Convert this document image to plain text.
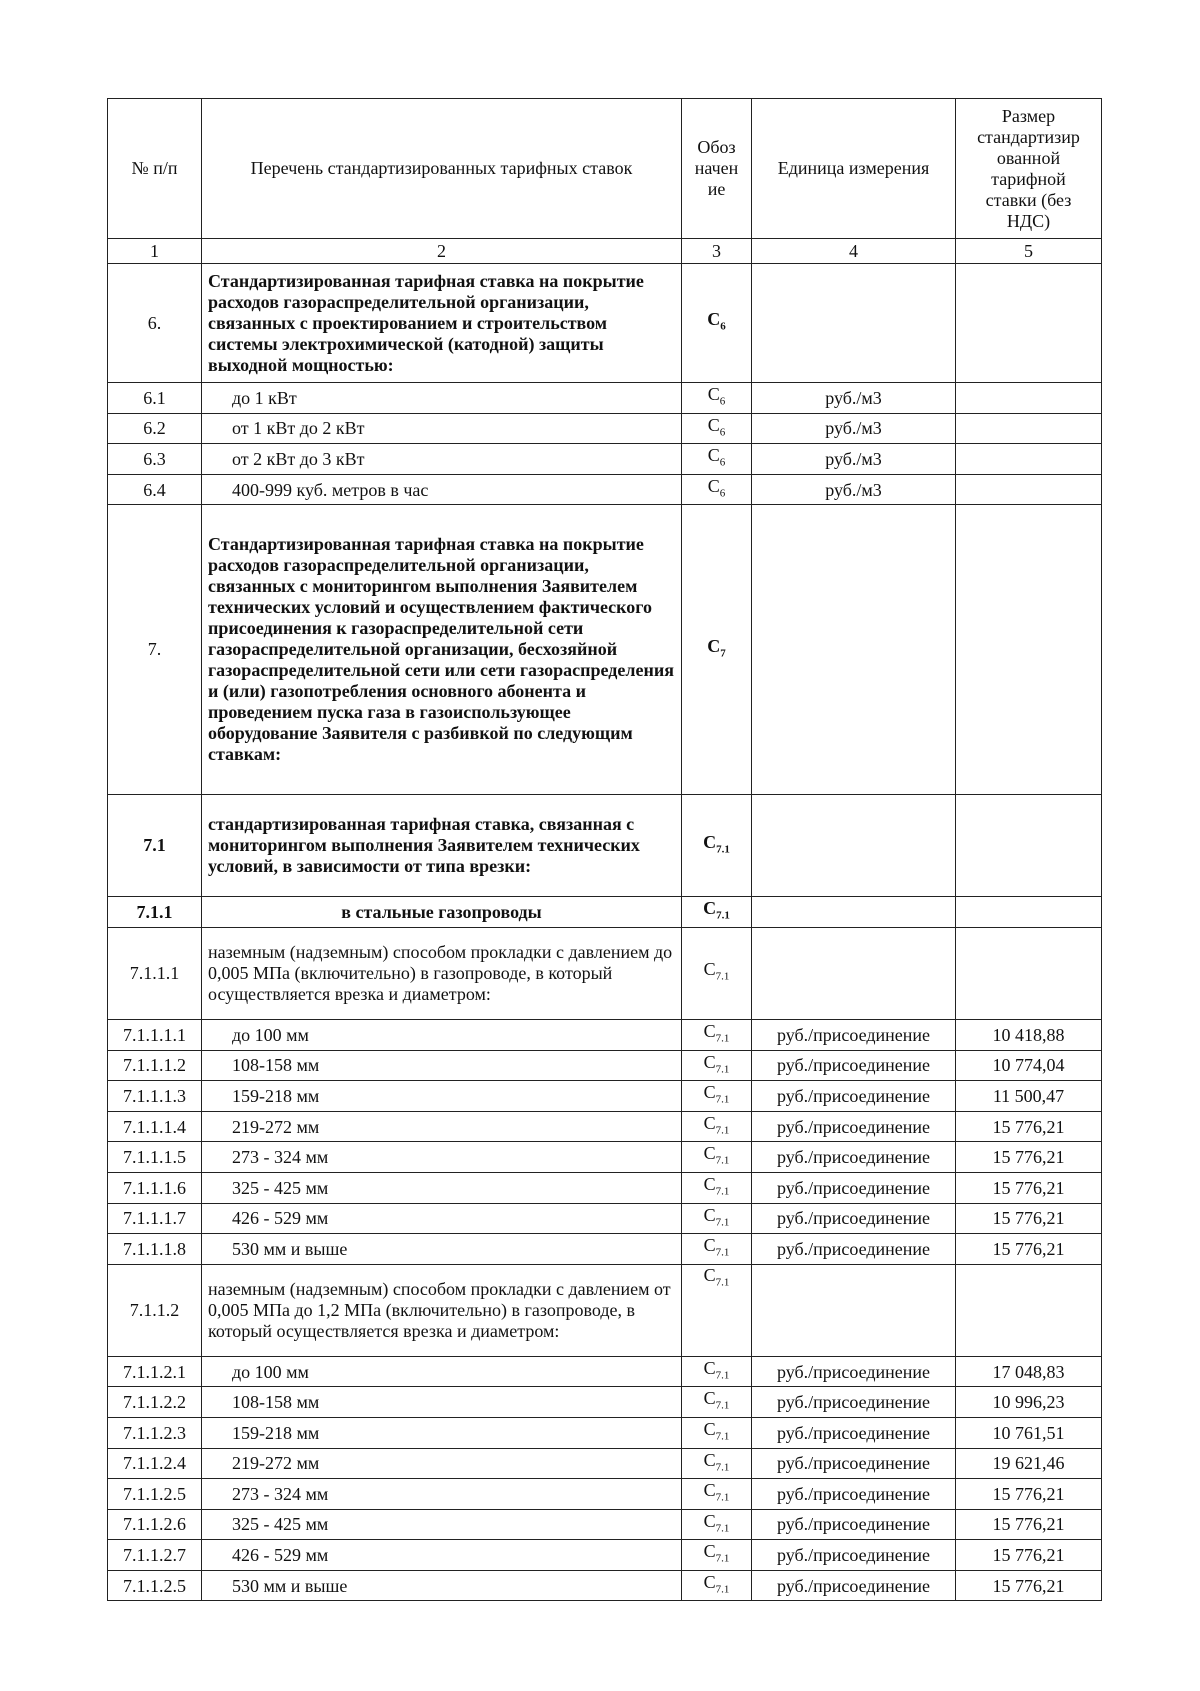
№ п/п	Перечень стандартизированных тарифных ставок	Обоз начен ие	Единица измерения	Размер стандартизир ованной тарифной ставки (без НДС)
1	2	3	4	5
6.	Стандартизированная тарифная ставка на покрытие расходов газораспределительной организации, связанных с проектированием и строительством системы электрохимической (катодной) защиты выходной мощностью:	$С_6$		
6.1	до 1 кВт	$С_6$	руб./м3	
6.2	от 1 кВт до 2 кВт	$С_6$	руб./м3	
6.3	от 2 кВт до 3 кВт	$С_6$	руб./м3	
6.4	400-999 куб. метров в час	$С_6$	руб./м3	
7.	Стандартизированная тарифная ставка на покрытие расходов газораспределительной организации, связанных с мониторингом выполнения Заявителем технических условий и осуществлением фактического присоединения к газораспределительной сети газораспределительной организации, бесхозяйной газораспределительной сети или сети газораспределения и (или) газопотребления основного абонента и проведением пуска газа в газоиспользующее оборудование Заявителя с разбивкой по следующим ставкам:	$С_7$		
7.1	стандартизированная тарифная ставка, связанная с мониторингом выполнения Заявителем технических условий, в зависимости от типа врезки:	$С_{7.1}$		
7.1.1	в стальные газопроводы	$С_{7.1}$		
7.1.1.1	наземным (надземным) способом прокладки с давлением до 0,005 МПа (включительно) в газопроводе, в который осуществляется врезка и диаметром:	$С_{7.1}$		
7.1.1.1.1	до 100 мм	$С_{7.1}$	руб./присоединение	10 418,88
7.1.1.1.2	108-158 мм	$С_{7.1}$	руб./присоединение	10 774,04
7.1.1.1.3	159-218 мм	$С_{7.1}$	руб./присоединение	11 500,47
7.1.1.1.4	219-272 мм	$С_{7.1}$	руб./присоединение	15 776,21
7.1.1.1.5	273 - 324 мм	$С_{7.1}$	руб./присоединение	15 776,21
7.1.1.1.6	325 - 425 мм	$С_{7.1}$	руб./присоединение	15 776,21
7.1.1.1.7	426 - 529 мм	$С_{7.1}$	руб./присоединение	15 776,21
7.1.1.1.8	530 мм и выше	$С_{7.1}$	руб./присоединение	15 776,21
7.1.1.2	наземным (надземным) способом прокладки с давлением от 0,005 МПа до 1,2 МПа (включительно) в газопроводе, в который осуществляется врезка и диаметром:	$С_{7.1}$		
7.1.1.2.1	до 100 мм	$С_{7.1}$	руб./присоединение	17 048,83
7.1.1.2.2	108-158 мм	$С_{7.1}$	руб./присоединение	10 996,23
7.1.1.2.3	159-218 мм	$С_{7.1}$	руб./присоединение	10 761,51
7.1.1.2.4	219-272 мм	$С_{7.1}$	руб./присоединение	19 621,46
7.1.1.2.5	273 - 324 мм	$С_{7.1}$	руб./присоединение	15 776,21
7.1.1.2.6	325 - 425 мм	$С_{7.1}$	руб./присоединение	15 776,21
7.1.1.2.7	426 - 529 мм	$С_{7.1}$	руб./присоединение	15 776,21
7.1.1.2.5	530 мм и выше	$С_{7.1}$	руб./присоединение	15 776,21
